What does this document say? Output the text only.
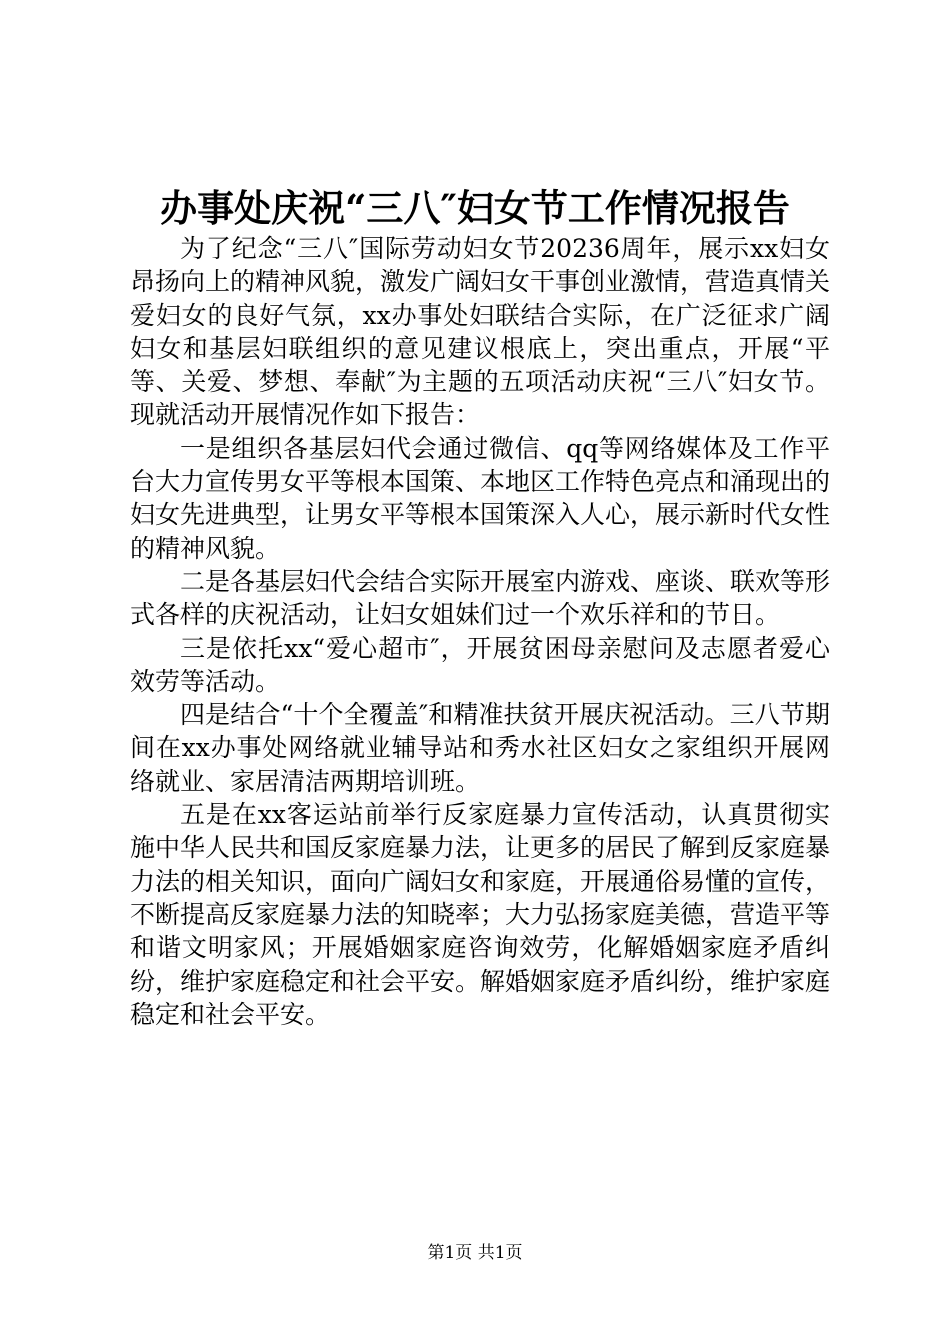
办事处庆祝“三八″妇女节工作情况报告

为了纪念“三八″国际劳动妇女节20236周年，展示xx妇女昂扬向上的精神风貌，激发广阔妇女干事创业激情，营造真情关爱妇女的良好气氛，xx办事处妇联结合实际，在广泛征求广阔妇女和基层妇联组织的意见建议根底上，突出重点，开展“平等、关爱、梦想、奉献″为主题的五项活动庆祝“三八″妇女节。现就活动开展情况作如下报告：

一是组织各基层妇代会通过微信、qq等网络媒体及工作平台大力宣传男女平等根本国策、本地区工作特色亮点和涌现出的妇女先进典型，让男女平等根本国策深入人心，展示新时代女性的精神风貌。

二是各基层妇代会结合实际开展室内游戏、座谈、联欢等形式各样的庆祝活动，让妇女姐妹们过一个欢乐祥和的节日。

三是依托xx“爱心超市″，开展贫困母亲慰问及志愿者爱心效劳等活动。

四是结合“十个全覆盖″和精准扶贫开展庆祝活动。三八节期间在xx办事处网络就业辅导站和秀水社区妇女之家组织开展网络就业、家居清洁两期培训班。

五是在xx客运站前举行反家庭暴力宣传活动，认真贯彻实施中华人民共和国反家庭暴力法，让更多的居民了解到反家庭暴力法的相关知识，面向广阔妇女和家庭，开展通俗易懂的宣传，不断提高反家庭暴力法的知晓率；大力弘扬家庭美德，营造平等和谐文明家风；开展婚姻家庭咨询效劳，化解婚姻家庭矛盾纠纷，维护家庭稳定和社会平安。解婚姻家庭矛盾纠纷，维护家庭稳定和社会平安。

第1页 共1页
